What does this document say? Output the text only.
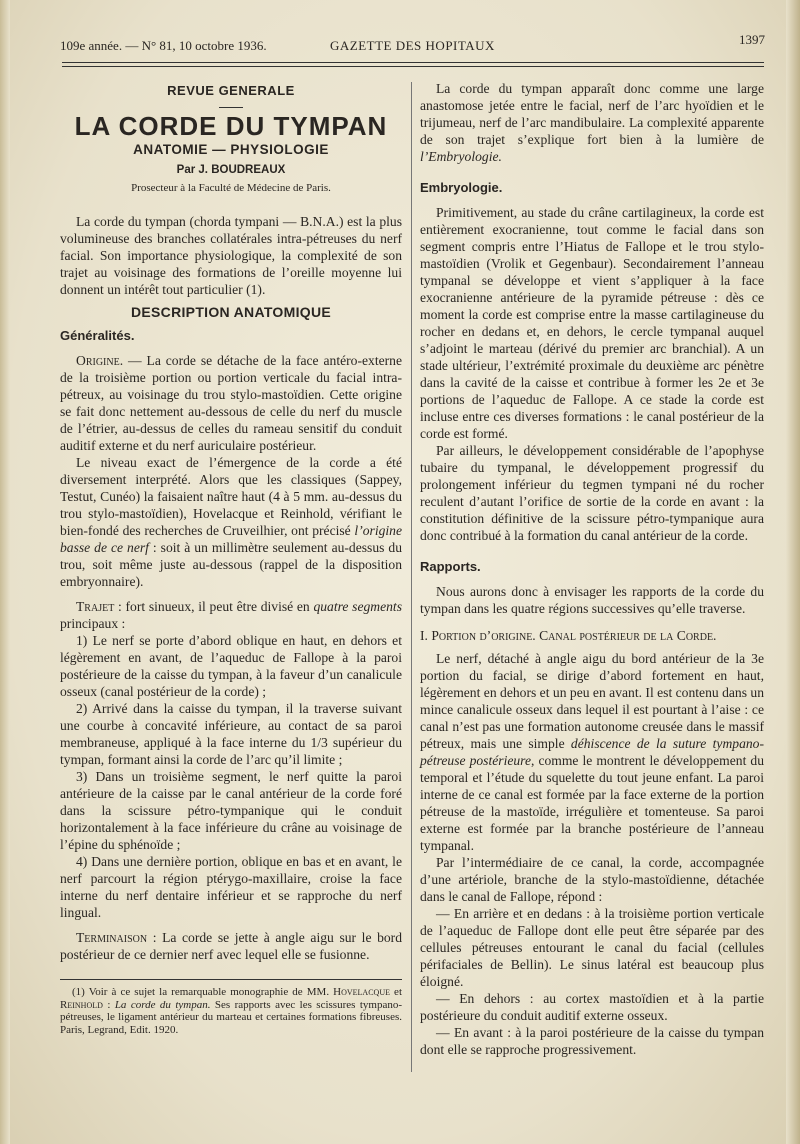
109e année. — N° 81, 10 octobre 1936.	GAZETTE DES HOPITAUX	1397
REVUE GENERALE
LA CORDE DU TYMPAN
ANATOMIE — PHYSIOLOGIE
Par J. BOUDREAUX
Prosecteur à la Faculté de Médecine de Paris.

La corde du tympan (chorda tympani — B.N.A.) est la plus volumineuse des branches collatérales intra-pétreuses du nerf facial. Son importance physiologique, la complexité de son trajet au voisinage des formations de l’oreille moyenne lui donnent un intérêt tout particulier (1).

DESCRIPTION ANATOMIQUE
Généralités.

Origine. — La corde se détache de la face antéro-externe de la troisième portion ou portion verticale du facial intra-pétreux, au voisinage du trou stylo-mastoïdien. Cette origine se fait donc nettement au-dessous de celle du nerf du muscle de l’étrier, au-dessus de celles du rameau sensitif du conduit auditif externe et du nerf auriculaire postérieur.

Le niveau exact de l’émergence de la corde a été diversement interprété. Alors que les classiques (Sappey, Testut, Cunéo) la faisaient naître haut (4 à 5 mm. au-dessus du trou stylo-mastoïdien), Hovelacque et Reinhold, vérifiant le bien-fondé des recherches de Cruveilhier, ont précisé l’origine basse de ce nerf : soit à un millimètre seulement au-dessus du trou, soit même juste au-dessous (rappel de la disposition embryonnaire).

Trajet : fort sinueux, il peut être divisé en quatre segments principaux :

1) Le nerf se porte d’abord oblique en haut, en dehors et légèrement en avant, de l’aqueduc de Fallope à la paroi postérieure de la caisse du tympan, à la faveur d’un canalicule osseux (canal postérieur de la corde) ;

2) Arrivé dans la caisse du tympan, il la traverse suivant une courbe à concavité inférieure, au contact de sa paroi membraneuse, appliqué à la face interne du 1/3 supérieur du tympan, formant ainsi la corde de l’arc qu’il limite ;

3) Dans un troisième segment, le nerf quitte la paroi antérieure de la caisse par le canal antérieur de la corde foré dans la scissure pétro-tympanique qui le conduit horizontalement à la face inférieure du crâne au voisinage de l’épine du sphénoïde ;

4) Dans une dernière portion, oblique en bas et en avant, le nerf parcourt la région ptérygo-maxillaire, croise la face interne du nerf dentaire inférieur et se rapproche du nerf lingual.

Terminaison : La corde se jette à angle aigu sur le bord postérieur de ce dernier nerf avec lequel elle se fusionne.

(1) Voir à ce sujet la remarquable monographie de MM. Hovelacque et Reinhold : La corde du tympan. Ses rapports avec les scissures tympano-pétreuses, le ligament antérieur du marteau et certaines formations fibreuses. Paris, Legrand, Edit. 1920.

La corde du tympan apparaît donc comme une large anastomose jetée entre le facial, nerf de l’arc hyoïdien et le trijumeau, nerf de l’arc mandibulaire. La complexité apparente de son trajet s’explique fort bien à la lumière de l’Embryologie.

Embryologie.

Primitivement, au stade du crâne cartilagineux, la corde est entièrement exocranienne, tout comme le facial dans son segment compris entre l’Hiatus de Fallope et le trou stylo-mastoïdien (Vrolik et Gegenbaur). Secondairement l’anneau tympanal se développe et vient s’appliquer à la face exocranienne antérieure de la pyramide pétreuse : dès ce moment la corde est comprise entre la masse cartilagineuse du rocher en dedans et, en dehors, le cercle tympanal auquel s’adjoint le marteau (dérivé du premier arc branchial). A un stade ultérieur, l’extrémité proximale du deuxième arc pénètre dans la cavité de la caisse et contribue à former les 2e et 3e portions de l’aqueduc de Fallope. A ce stade la corde est incluse entre ces diverses formations : le canal postérieur de la corde est formé.

Par ailleurs, le développement considérable de l’apophyse tubaire du tympanal, le développement progressif du prolongement inférieur du tegmen tympani né du rocher reculent d’autant l’orifice de sortie de la corde en avant : la constitution définitive de la scissure pétro-tympanique aura donc contribué à la formation du canal antérieur de la corde.

Rapports.

Nous aurons donc à envisager les rapports de la corde du tympan dans les quatre régions successives qu’elle traverse.

I. Portion d’origine. Canal postérieur de la Corde.

Le nerf, détaché à angle aigu du bord antérieur de la 3e portion du facial, se dirige d’abord fortement en haut, légèrement en dehors et un peu en avant. Il est contenu dans un mince canalicule osseux dans lequel il est pourtant à l’aise : ce canal n’est pas une formation autonome creusée dans le massif pétreux, mais une simple déhiscence de la suture tympano-pétreuse postérieure, comme le montrent le développement du temporal et l’étude du squelette du tout jeune enfant. La paroi interne de ce canal est formée par la face externe de la portion pétreuse de la mastoïde, irrégulière et tomenteuse. Sa paroi externe est formée par la branche postérieure de l’anneau tympanal.

Par l’intermédiaire de ce canal, la corde, accompagnée d’une artériole, branche de la stylo-mastoïdienne, détachée dans le canal de Fallope, répond :

— En arrière et en dedans : à la troisième portion verticale de l’aqueduc de Fallope dont elle peut être séparée par des cellules pétreuses entourant le canal du facial (cellules périfaciales de Bellin). Le sinus latéral est beaucoup plus éloigné.

— En dehors : au cortex mastoïdien et à la partie postérieure du conduit auditif externe osseux.

— En avant : à la paroi postérieure de la caisse du tympan dont elle se rapproche progressivement.
